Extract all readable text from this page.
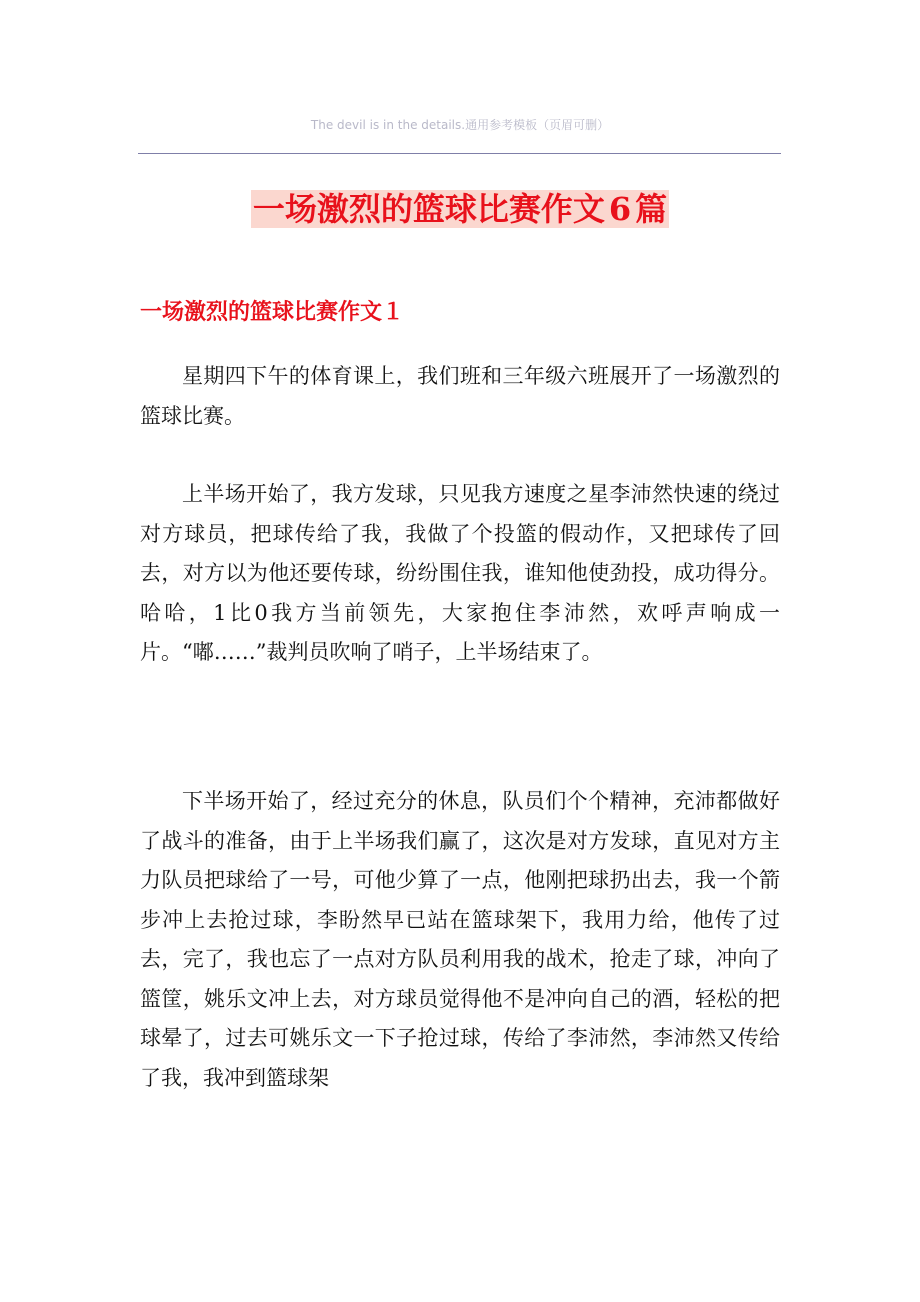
The devil is in the details.通用参考模板（页眉可删）
一场激烈的篮球比赛作文 6 篇
一场激烈的篮球比赛作文１

星期四下午的体育课上，我们班和三年级六班展开了一场激烈的篮球比赛。

上半场开始了，我方发球，只见我方速度之星李沛然快速的绕过对方球员，把球传给了我，我做了个投篮的假动作，又把球传了回去，对方以为他还要传球，纷纷围住我，谁知他使劲投，成功得分。哈哈，1比0我方当前领先，大家抱住李沛然，欢呼声响成一片。“嘟……”裁判员吹响了哨子，上半场结束了。

下半场开始了，经过充分的休息，队员们个个精神，充沛都做好了战斗的准备，由于上半场我们赢了，这次是对方发球，直见对方主力队员把球给了一号，可他少算了一点，他刚把球扔出去，我一个箭步冲上去抢过球，李盼然早已站在篮球架下，我用力给，他传了过去，完了，我也忘了一点对方队员利用我的战术，抢走了球，冲向了篮筐，姚乐文冲上去，对方球员觉得他不是冲向自己的酒，轻松的把球晕了，过去可姚乐文一下子抢过球，传给了李沛然，李沛然又传给了我，我冲到篮球架
